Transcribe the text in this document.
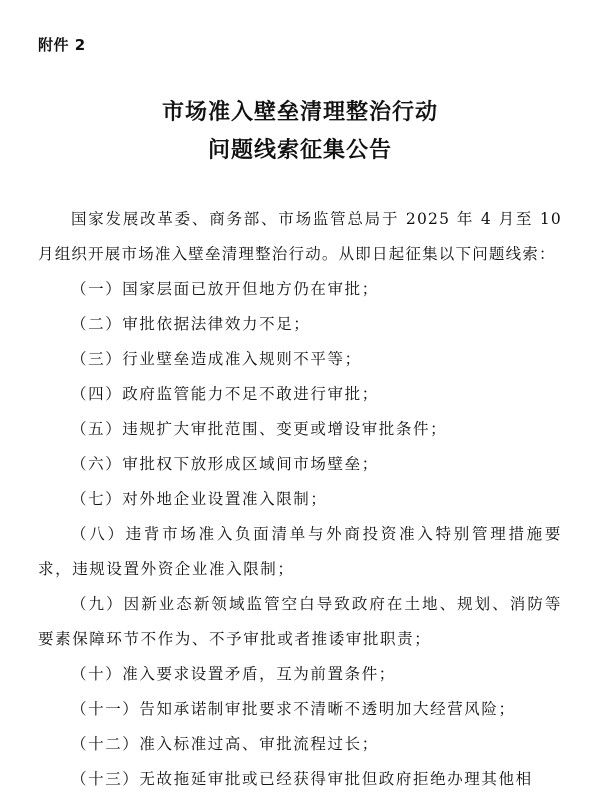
附件 2
市场准入壁垒清理整治行动
问题线索征集公告

国家发展改革委、商务部、市场监管总局于 2025 年 4 月至 10 月组织开展市场准入壁垒清理整治行动。从即日起征集以下问题线索：

（一）国家层面已放开但地方仍在审批；

（二）审批依据法律效力不足；

（三）行业壁垒造成准入规则不平等；

（四）政府监管能力不足不敢进行审批；

（五）违规扩大审批范围、变更或增设审批条件；

（六）审批权下放形成区域间市场壁垒；

（七）对外地企业设置准入限制；

（八）违背市场准入负面清单与外商投资准入特别管理措施要求，违规设置外资企业准入限制；

（九）因新业态新领域监管空白导致政府在土地、规划、消防等要素保障环节不作为、不予审批或者推诿审批职责；

（十）准入要求设置矛盾，互为前置条件；

（十一）告知承诺制审批要求不清晰不透明加大经营风险；

（十二）准入标准过高、审批流程过长；

（十三）无故拖延审批或已经获得审批但政府拒绝办理其他相
